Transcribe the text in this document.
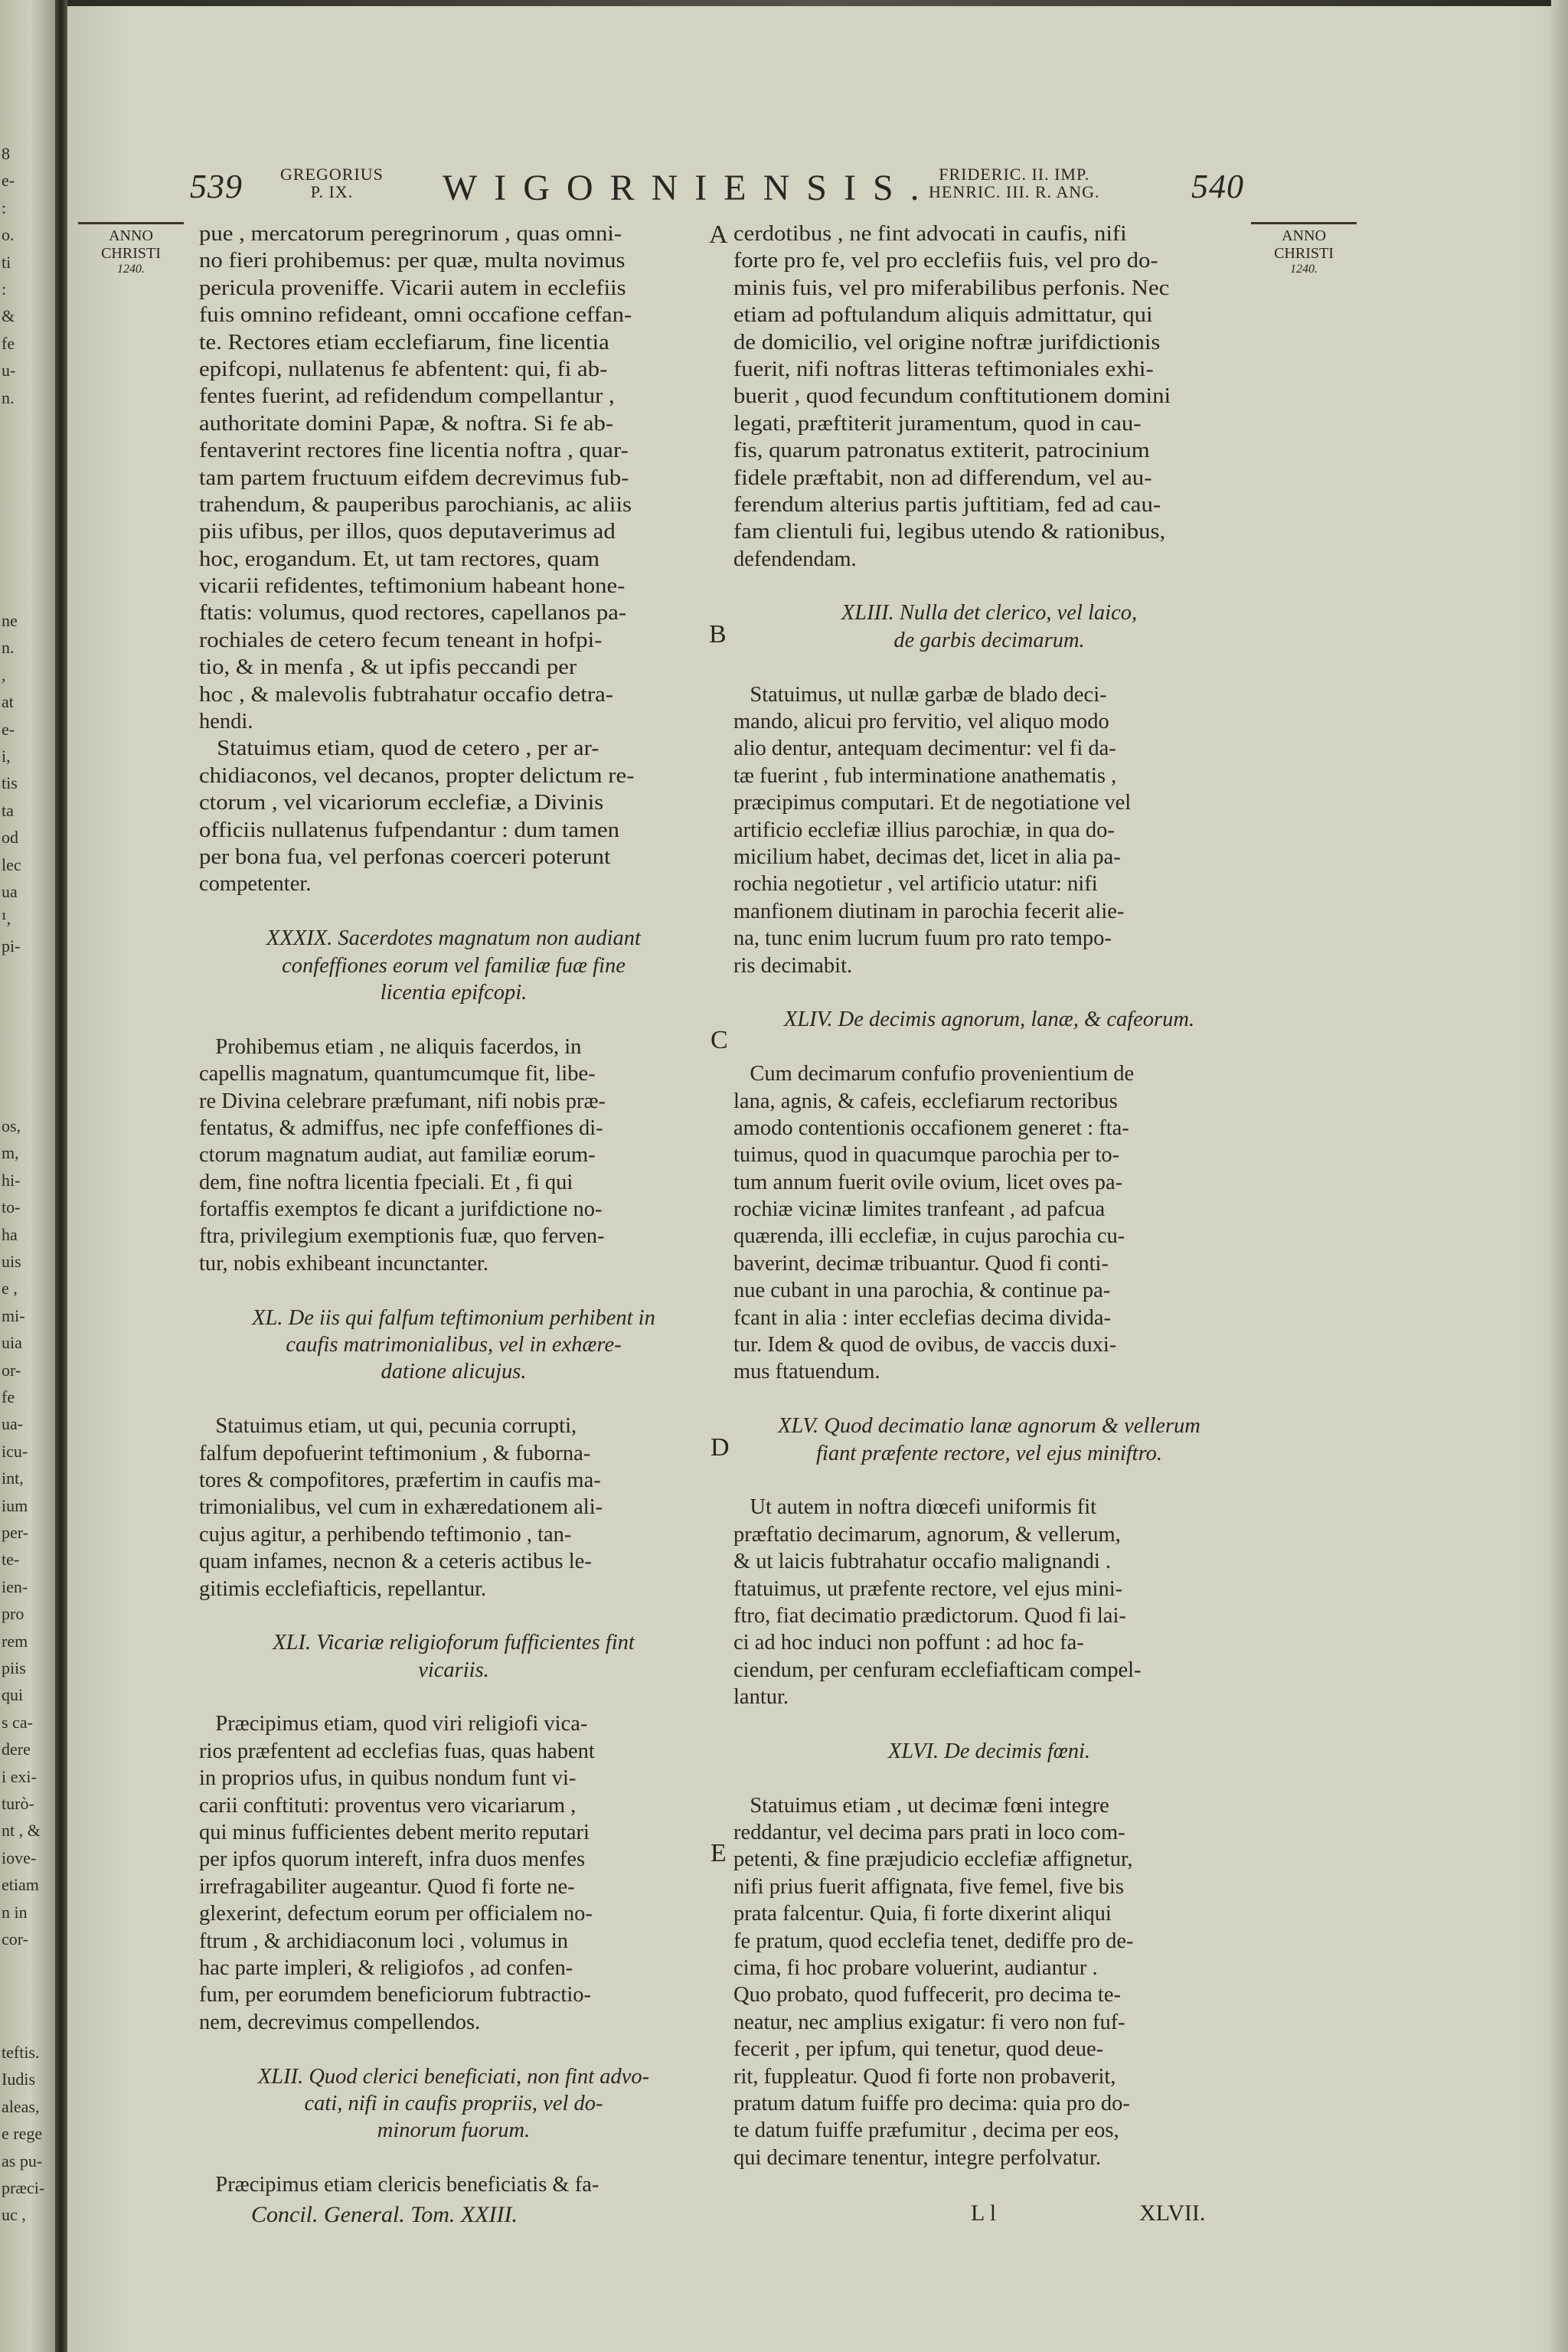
8
e-
:
o.
ti
:
&
fe
u-
n.
ne
n.
,
at
e-
i,
tis
ta
od
lec
ua
¹,
pi-
os,
m,
hi-
to-
ha
uis
e ,
mi-
uia
or-
fe
ua-
icu-
int,
ium
per-
te-
ien-
pro
rem
piis
qui
s ca-
dere
i exi-
turò-
nt , &
iove-
etiam
n in
cor-
teftis.
Iudis
aleas,
e rege
as pu-
præci-
uc ,
539 GREGORIUS
P. IX.	WIGORNIENSIS. FRIDERIC. II. IMP.
HENRIC. III. R. ANG.	540
ANNO
CHRISTI
1240.
ANNO
CHRISTI
1240.
A
B
C
D
E
pue , mercatorum peregrinorum , quas omni-
no fieri prohibemus: per quæ, multa novimus
pericula proveniffe. Vicarii autem in ecclefiis
fuis omnino refideant, omni occafione ceffan-
te. Rectores etiam ecclefiarum, fine licentia
epifcopi, nullatenus fe abfentent: qui, fi ab-
fentes fuerint, ad refidendum compellantur ,
authoritate domini Papæ, & noftra. Si fe ab-
fentaverint rectores fine licentia noftra , quar-
tam partem fructuum eifdem decrevimus fub-
trahendum, & pauperibus parochianis, ac aliis
piis ufibus, per illos, quos deputaverimus ad
hoc, erogandum. Et, ut tam rectores, quam
vicarii refidentes, teftimonium habeant hone-
ftatis: volumus, quod rectores, capellanos pa-
rochiales de cetero fecum teneant in hofpi-
tio, & in menfa , & ut ipfis peccandi per
hoc , & malevolis fubtrahatur occafio detra-
hendi.
Statuimus etiam, quod de cetero , per ar-
chidiaconos, vel decanos, propter delictum re-
ctorum , vel vicariorum ecclefiæ, a Divinis
officiis nullatenus fufpendantur : dum tamen
per bona fua, vel perfonas coerceri poterunt
competenter.
XXXIX. Sacerdotes magnatum non audiant
confeffiones eorum vel familiæ fuæ fine
licentia epifcopi.
Prohibemus etiam , ne aliquis facerdos, in
capellis magnatum, quantumcumque fit, libe-
re Divina celebrare præfumant, nifi nobis præ-
fentatus, & admiffus, nec ipfe confeffiones di-
ctorum magnatum audiat, aut familiæ eorum-
dem, fine noftra licentia fpeciali. Et , fi qui
fortaffis exemptos fe dicant a jurifdictione no-
ftra, privilegium exemptionis fuæ, quo ferven-
tur, nobis exhibeant incunctanter.
XL. De iis qui falfum teftimonium perhibent in
caufis matrimonialibus, vel in exhære-
datione alicujus.
Statuimus etiam, ut qui, pecunia corrupti,
falfum depofuerint teftimonium , & fuborna-
tores & compofitores, præfertim in caufis ma-
trimonialibus, vel cum in exhæredationem ali-
cujus agitur, a perhibendo teftimonio , tan-
quam infames, necnon & a ceteris actibus le-
gitimis ecclefiafticis, repellantur.
XLI. Vicariæ religioforum fufficientes fint
vicariis.
Præcipimus etiam, quod viri religiofi vica-
rios præfentent ad ecclefias fuas, quas habent
in proprios ufus, in quibus nondum funt vi-
carii conftituti: proventus vero vicariarum ,
qui minus fufficientes debent merito reputari
per ipfos quorum intereft, infra duos menfes
irrefragabiliter augeantur. Quod fi forte ne-
glexerint, defectum eorum per officialem no-
ftrum , & archidiaconum loci , volumus in
hac parte impleri, & religiofos , ad confen-
fum, per eorumdem beneficiorum fubtractio-
nem, decrevimus compellendos.
XLII. Quod clerici beneficiati, non fint advo-
cati, nifi in caufis propriis, vel do-
minorum fuorum.
Præcipimus etiam clericis beneficiatis & fa-
cerdotibus , ne fint advocati in caufis, nifi
forte pro fe, vel pro ecclefiis fuis, vel pro do-
minis fuis, vel pro miferabilibus perfonis. Nec
etiam ad poftulandum aliquis admittatur, qui
de domicilio, vel origine noftræ jurifdictionis
fuerit, nifi noftras litteras teftimoniales exhi-
buerit , quod fecundum conftitutionem domini
legati, præftiterit juramentum, quod in cau-
fis, quarum patronatus extiterit, patrocinium
fidele præftabit, non ad differendum, vel au-
ferendum alterius partis juftitiam, fed ad cau-
fam clientuli fui, legibus utendo & rationibus,
defendendam.
XLIII. Nulla det clerico, vel laico,
de garbis decimarum.
Statuimus, ut nullæ garbæ de blado deci-
mando, alicui pro fervitio, vel aliquo modo
alio dentur, antequam decimentur: vel fi da-
tæ fuerint , fub interminatione anathematis ,
præcipimus computari. Et de negotiatione vel
artificio ecclefiæ illius parochiæ, in qua do-
micilium habet, decimas det, licet in alia pa-
rochia negotietur , vel artificio utatur: nifi
manfionem diutinam in parochia fecerit alie-
na, tunc enim lucrum fuum pro rato tempo-
ris decimabit.
XLIV. De decimis agnorum, lanæ, & cafeorum.
Cum decimarum confufio provenientium de
lana, agnis, & cafeis, ecclefiarum rectoribus
amodo contentionis occafionem generet : fta-
tuimus, quod in quacumque parochia per to-
tum annum fuerit ovile ovium, licet oves pa-
rochiæ vicinæ limites tranfeant , ad pafcua
quærenda, illi ecclefiæ, in cujus parochia cu-
baverint, decimæ tribuantur. Quod fi conti-
nue cubant in una parochia, & continue pa-
fcant in alia : inter ecclefias decima divida-
tur. Idem & quod de ovibus, de vaccis duxi-
mus ftatuendum.
XLV. Quod decimatio lanæ agnorum & vellerum
fiant præfente rectore, vel ejus miniftro.
Ut autem in noftra diœcefi uniformis fit
præftatio decimarum, agnorum, & vellerum,
& ut laicis fubtrahatur occafio malignandi .
ftatuimus, ut præfente rectore, vel ejus mini-
ftro, fiat decimatio prædictorum. Quod fi lai-
ci ad hoc induci non poffunt : ad hoc fa-
ciendum, per cenfuram ecclefiafticam compel-
lantur.
XLVI. De decimis fœni.
Statuimus etiam , ut decimæ fœni integre
reddantur, vel decima pars prati in loco com-
petenti, & fine præjudicio ecclefiæ affignetur,
nifi prius fuerit affignata, five femel, five bis
prata falcentur. Quia, fi forte dixerint aliqui
fe pratum, quod ecclefia tenet, dediffe pro de-
cima, fi hoc probare voluerint, audiantur .
Quo probato, quod fuffecerit, pro decima te-
neatur, nec amplius exigatur: fi vero non fuf-
fecerit , per ipfum, qui tenetur, quod deue-
rit, fuppleatur. Quod fi forte non probaverit,
pratum datum fuiffe pro decima: quia pro do-
te datum fuiffe præfumitur , decima per eos,
qui decimare tenentur, integre perfolvatur.
Concil. General. Tom. XXIII.	L l	XLVII.
